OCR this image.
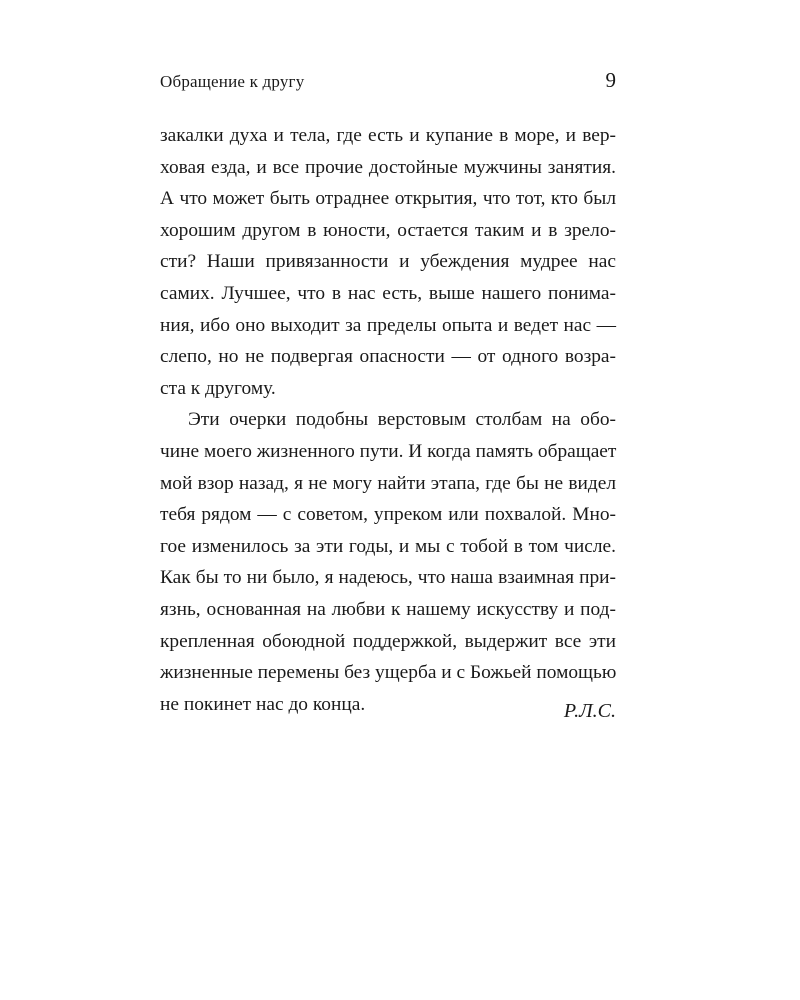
Обращение к другу	9
закалки духа и тела, где есть и купание в море, и вер-
ховая езда, и все прочие достойные мужчины занятия.
А что может быть отраднее открытия, что тот, кто был
хорошим другом в юности, остается таким и в зрело-
сти? Наши привязанности и убеждения мудрее нас
самих. Лучшее, что в нас есть, выше нашего понима-
ния, ибо оно выходит за пределы опыта и ведет нас —
слепо, но не подвергая опасности — от одного возра-
ста к другому.
Эти очерки подобны верстовым столбам на обо-
чине моего жизненного пути. И когда память обращает
мой взор назад, я не могу найти этапа, где бы не видел
тебя рядом — с советом, упреком или похвалой. Мно-
гое изменилось за эти годы, и мы с тобой в том числе.
Как бы то ни было, я надеюсь, что наша взаимная при-
язнь, основанная на любви к нашему искусству и под-
крепленная обоюдной поддержкой, выдержит все эти
жизненные перемены без ущерба и с Божьей помощью
не покинет нас до конца.	Р.Л.С.
